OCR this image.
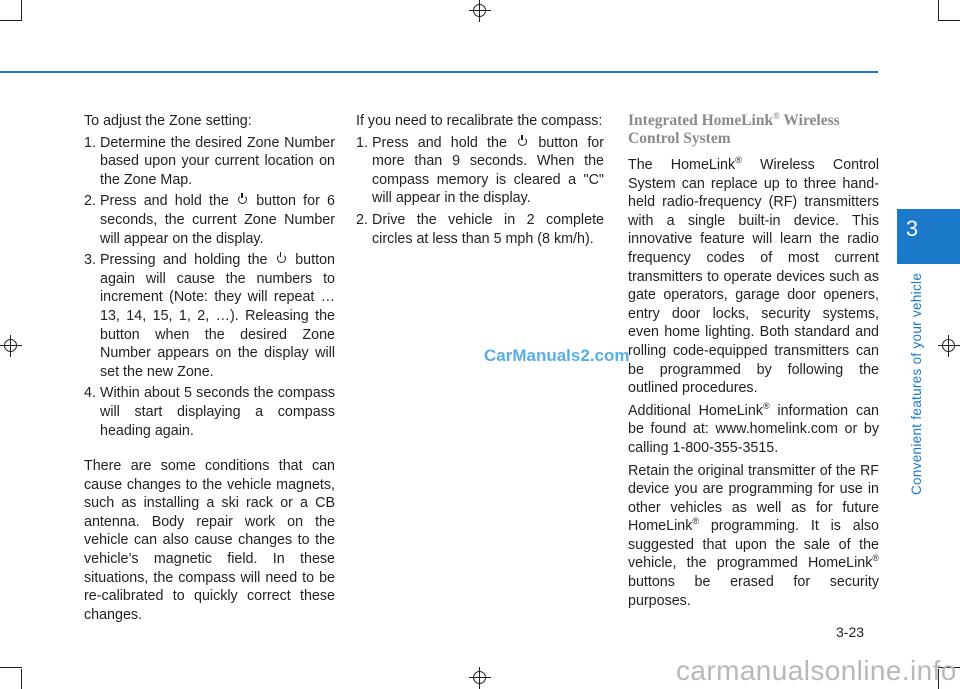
To adjust the Zone setting:

1. Determine the desired Zone Number based upon your current location on the Zone Map.
2. Press and hold the button for 6 seconds, the current Zone Number will appear on the display.
3. Pressing and holding the button again will cause the numbers to increment (Note: they will repeat …13, 14, 15, 1, 2, …). Releasing the button when the desired Zone Number appears on the display will set the new Zone.
4. Within about 5 seconds the compass will start displaying a compass heading again.

There are some conditions that can cause changes to the vehicle magnets, such as installing a ski rack or a CB antenna. Body repair work on the vehicle can also cause changes to the vehicle’s magnetic field. In these situations, the compass will need to be re-calibrated to quickly correct these changes.

If you need to recalibrate the compass:

1. Press and hold the button for more than 9 seconds. When the compass memory is cleared a "C" will appear in the display.
2. Drive the vehicle in 2 complete circles at less than 5 mph (8 km/h).
Integrated HomeLink® Wireless Control System

The HomeLink® Wireless Control System can replace up to three hand-held radio-frequency (RF) transmitters with a single built-in device. This innovative feature will learn the radio frequency codes of most current transmitters to operate devices such as gate operators, garage door openers, entry door locks, security systems, even home lighting. Both standard and rolling code-equipped transmitters can be programmed by following the outlined procedures.

Additional HomeLink® information can be found at: www.homelink.com or by calling 1-800-355-3515.

Retain the original transmitter of the RF device you are programming for use in other vehicles as well as for future HomeLink® programming. It is also suggested that upon the sale of the vehicle, the programmed HomeLink® buttons be erased for security purposes.

3
Convenient features of your vehicle
CarManuals2.com
3-23
carmanualsonline.info
